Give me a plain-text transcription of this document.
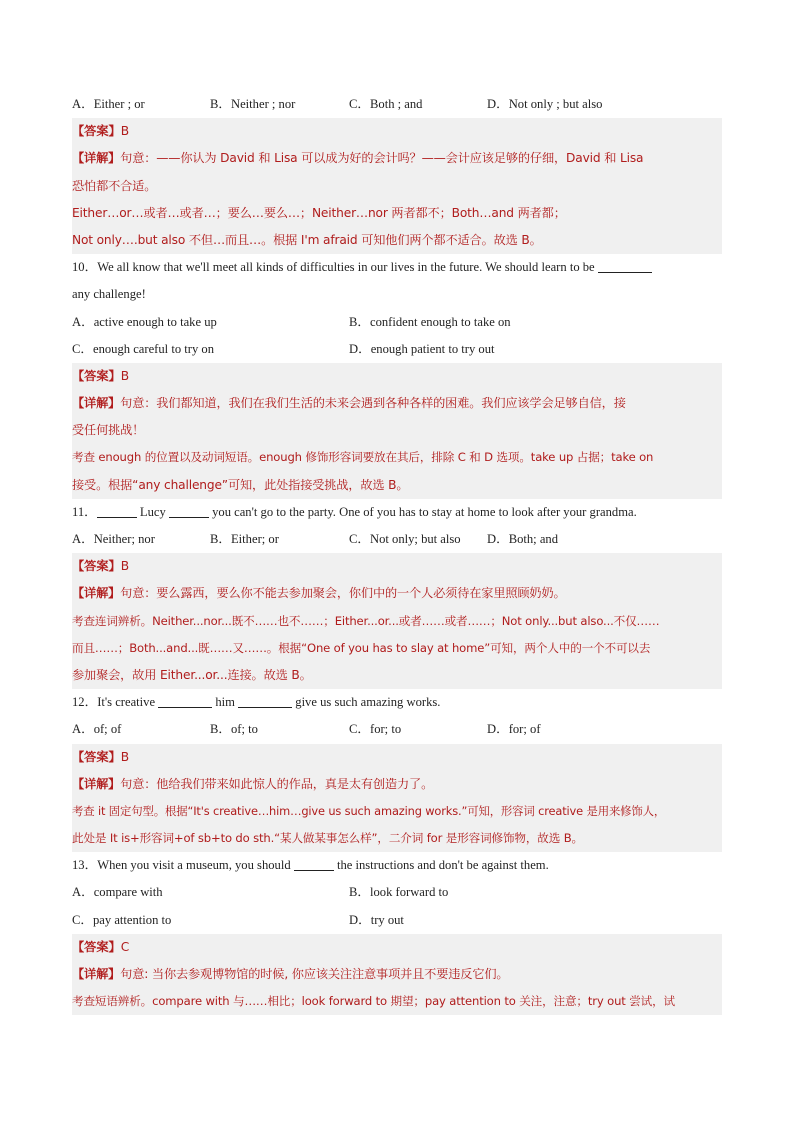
A．Either ; or	B．Neither ; nor	C．Both ; and	D．Not only ; but also
【答案】B
【详解】句意：——你认为 David 和 Lisa 可以成为好的会计吗？——会计应该足够的仔细，David 和 Lisa
恐怕都不合适。
Either…or…或者…或者…；要么…要么…；Neither…nor 两者都不；Both…and 两者都；
Not only….but also 不但…而且…。根据 I'm afraid 可知他们两个都不适合。故选 B。
10．We all know that we'll meet all kinds of difficulties in our lives in the future. We should learn to be
any challenge!
A．active enough to take up	B．confident enough to take on
C．enough careful to try on	D．enough patient to try out
【答案】B
【详解】句意：我们都知道，我们在我们生活的未来会遇到各种各样的困难。我们应该学会足够自信，接
受任何挑战！
考查 enough 的位置以及动词短语。enough 修饰形容词要放在其后，排除 C 和 D 选项。take up 占据；take on
接受。根据“any challenge”可知，此处指接受挑战，故选 B。
11．	Lucy	you can't go to the party. One of you has to stay at home to look after your grandma.
A．Neither; nor	B．Either; or	C．Not only; but also D．Both; and
【答案】B
【详解】句意：要么露西，要么你不能去参加聚会，你们中的一个人必须待在家里照顾奶奶。
考查连词辨析。Neither...nor...既不……也不……；Either...or...或者……或者……；Not only...but also...不仅……
而且……；Both...and...既……又……。根据“One of you has to slay at home”可知，两个人中的一个不可以去
参加聚会，故用 Either...or...连接。故选 B。
12．It's creative	him	give us such amazing works.
A．of; of	B．of; to	C．for; to	D．for; of
【答案】B
【详解】句意：他给我们带来如此惊人的作品，真是太有创造力了。
考查 it 固定句型。根据“It's creative…him…give us such amazing works.”可知，形容词 creative 是用来修饰人，
此处是 It is+形容词+of sb+to do sth.“某人做某事怎么样”，二介词 for 是形容词修饰物，故选 B。
13．When you visit a museum, you should	the instructions and don't be against them.
A．compare with	B．look forward to
C．pay attention to	D．try out
【答案】C
【详解】句意: 当你去参观博物馆的时候, 你应该关注注意事项并且不要违反它们。
考查短语辨析。compare with 与……相比；look forward to 期望；pay attention to 关注，注意；try out 尝试，试
